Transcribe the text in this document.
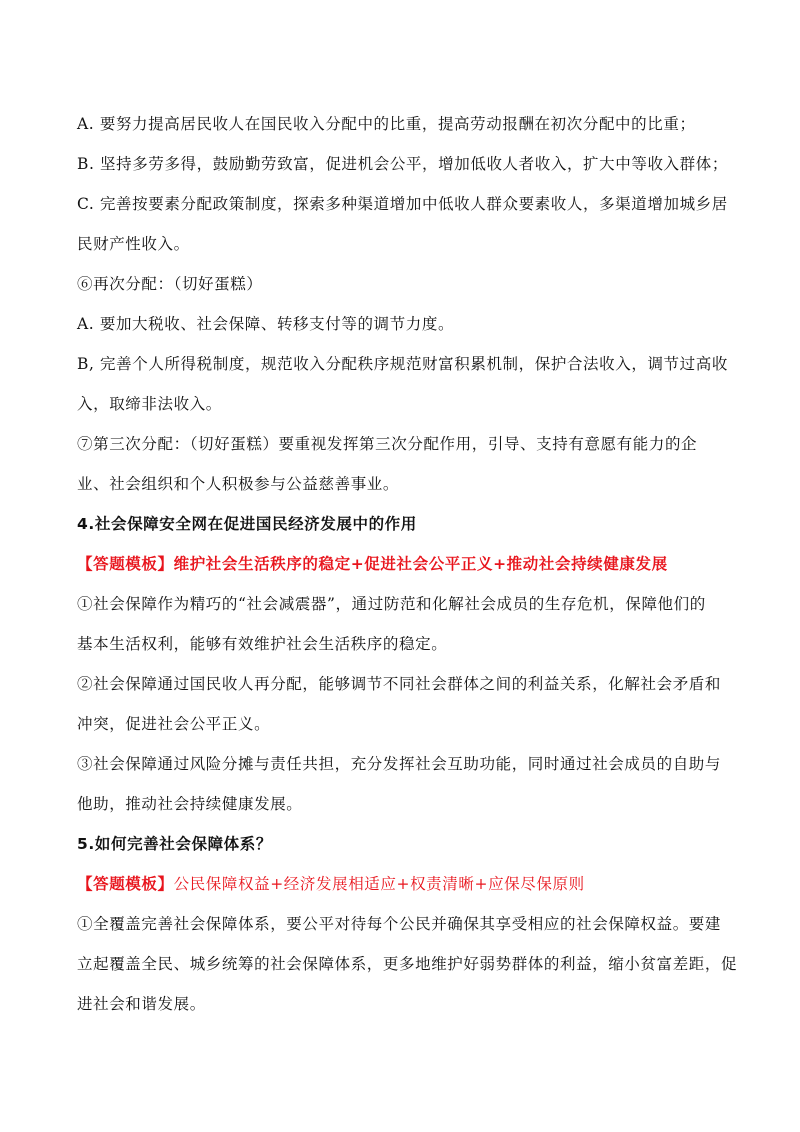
A. 要努力提高居民收人在国民收入分配中的比重，提高劳动报酬在初次分配中的比重；
B. 坚持多劳多得，鼓励勤劳致富，促进机会公平，增加低收人者收入，扩大中等收入群体；
C. 完善按要素分配政策制度，探索多种渠道增加中低收人群众要素收人，多渠道增加城乡居
民财产性收入。
⑥再次分配：（切好蛋糕）
A. 要加大税收、社会保障、转移支付等的调节力度。
B, 完善个人所得税制度，规范收入分配秩序规范财富积累机制，保护合法收入，调节过高收
入，取缔非法收入。
⑦第三次分配：（切好蛋糕）要重视发挥第三次分配作用，引导、支持有意愿有能力的企
业、社会组织和个人积极参与公益慈善事业。
4.社会保障安全网在促进国民经济发展中的作用
【答题模板】维护社会生活秩序的稳定+促进社会公平正义+推动社会持续健康发展
①社会保障作为精巧的“社会减震器”，通过防范和化解社会成员的生存危机，保障他们的
基本生活权利，能够有效维护社会生活秩序的稳定。
②社会保障通过国民收人再分配，能够调节不同社会群体之间的利益关系，化解社会矛盾和
冲突，促进社会公平正义。
③社会保障通过风险分摊与责任共担，充分发挥社会互助功能，同时通过社会成员的自助与
他助，推动社会持续健康发展。
5.如何完善社会保障体系？
【答题模板】公民保障权益+经济发展相适应+权责清晰+应保尽保原则
①全覆盖完善社会保障体系，要公平对待每个公民并确保其享受相应的社会保障权益。要建
立起覆盖全民、城乡统筹的社会保障体系，更多地维护好弱势群体的利益，缩小贫富差距，促
进社会和谐发展。
